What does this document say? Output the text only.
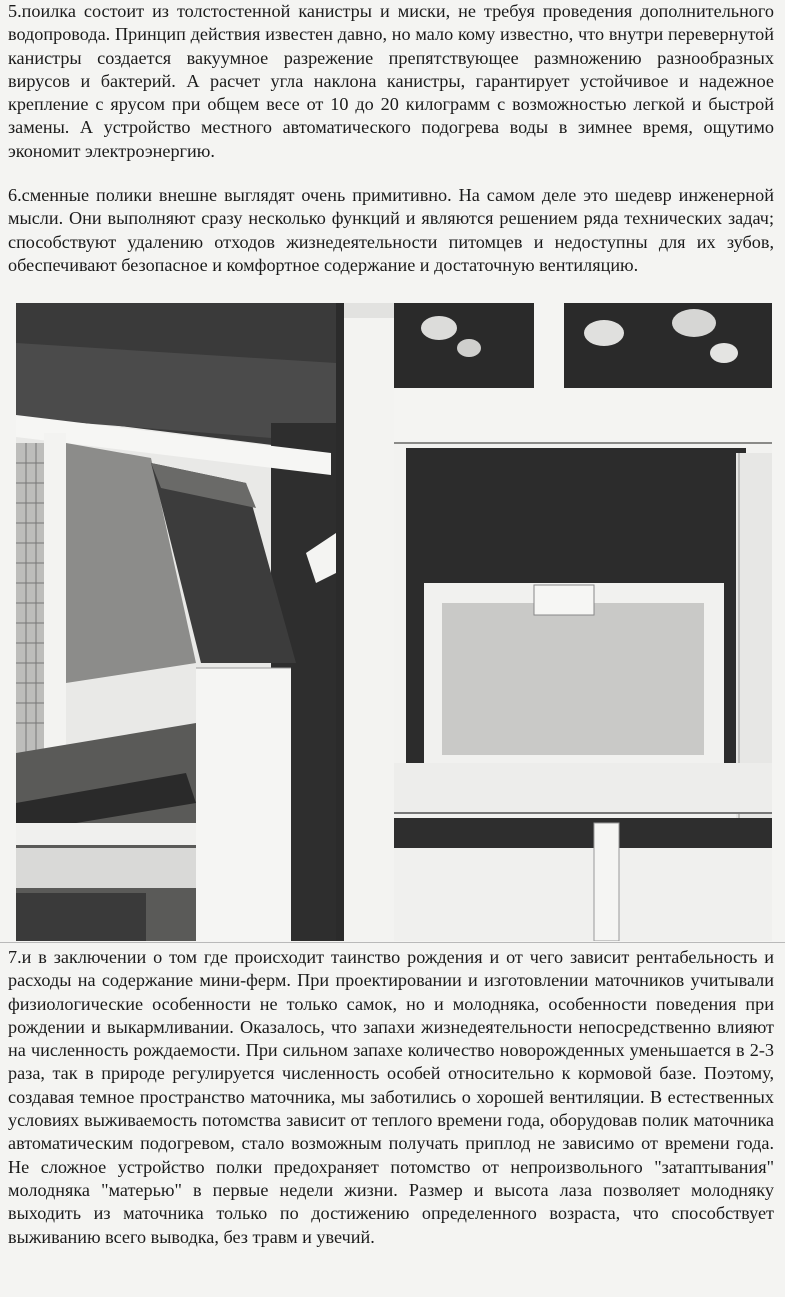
5.поилка состоит из толстостенной канистры и миски, не требуя проведения дополнительного водопровода. Принцип действия известен давно, но мало кому известно, что внутри перевернутой канистры создается вакуумное разрежение препятствующее размножению разнообразных вирусов и бактерий. А расчет угла наклона канистры, гарантирует устойчивое и надежное крепление с ярусом при общем весе от 10 до 20 килограмм с возможностью легкой и быстрой замены. А устройство местного автоматического подогрева воды в зимнее время, ощутимо экономит электроэнергию.

6.сменные полики внешне выглядят очень примитивно. На самом деле это шедевр инженерной мысли. Они выполняют сразу несколько функций и являются решением ряда технических задач; способствуют удалению отходов жизнедеятельности питомцев и недоступны для их зубов, обеспечивают безопасное и комфортное содержание и достаточную вентиляцию.

7.и в заключении о том где происходит таинство рождения и от чего зависит рентабельность и расходы на содержание мини-ферм. При проектировании и изготовлении маточников учитывали физиологические особенности не только самок, но и молодняка, особенности поведения при рождении и выкармливании. Оказалось, что запахи жизнедеятельности непосредственно влияют на численность рождаемости. При сильном запахе количество новорожденных уменьшается в 2-3 раза, так в природе регулируется численность особей относительно к кормовой базе. Поэтому, создавая темное пространство маточника, мы заботились о хорошей вентиляции. В естественных условиях выживаемость потомства зависит от теплого времени года, оборудовав полик маточника автоматическим подогревом, стало возможным получать приплод не зависимо от времени года. Не сложное устройство полки предохраняет потомство от непроизвольного "затаптывания" молодняка "матерью" в первые недели жизни. Размер и высота лаза позволяет молодняку выходить из маточника только по достижению определенного возраста, что способствует выживанию всего выводка, без травм и увечий.
